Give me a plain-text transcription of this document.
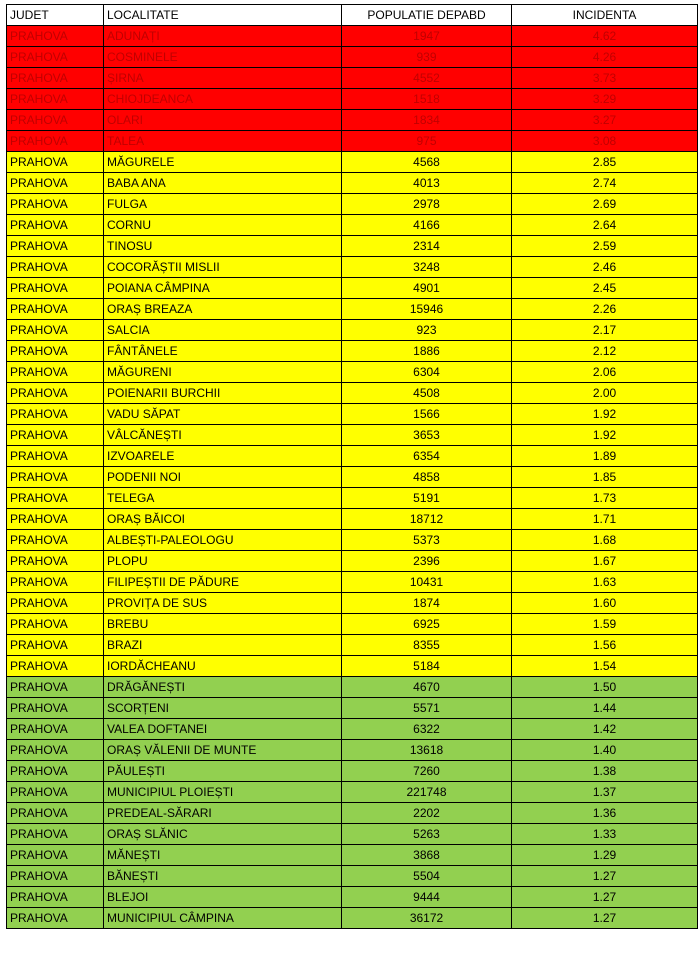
JUDET	LOCALITATE	POPULATIE DEPABD	INCIDENTA
PRAHOVA	ADUNAȚI	1947	4.62
PRAHOVA	COSMINELE	939	4.26
PRAHOVA	ȘIRNA	4552	3.73
PRAHOVA	CHIOJDEANCA	1518	3.29
PRAHOVA	OLARI	1834	3.27
PRAHOVA	TALEA	975	3.08
PRAHOVA	MĂGURELE	4568	2.85
PRAHOVA	BABA ANA	4013	2.74
PRAHOVA	FULGA	2978	2.69
PRAHOVA	CORNU	4166	2.64
PRAHOVA	TINOSU	2314	2.59
PRAHOVA	COCORĂȘTII MISLII	3248	2.46
PRAHOVA	POIANA CÂMPINA	4901	2.45
PRAHOVA	ORAȘ BREAZA	15946	2.26
PRAHOVA	SALCIA	923	2.17
PRAHOVA	FÂNTÂNELE	1886	2.12
PRAHOVA	MĂGURENI	6304	2.06
PRAHOVA	POIENARII BURCHII	4508	2.00
PRAHOVA	VADU SĂPAT	1566	1.92
PRAHOVA	VÂLCĂNEȘTI	3653	1.92
PRAHOVA	IZVOARELE	6354	1.89
PRAHOVA	PODENII NOI	4858	1.85
PRAHOVA	TELEGA	5191	1.73
PRAHOVA	ORAȘ BĂICOI	18712	1.71
PRAHOVA	ALBEȘTI-PALEOLOGU	5373	1.68
PRAHOVA	PLOPU	2396	1.67
PRAHOVA	FILIPEȘTII DE PĂDURE	10431	1.63
PRAHOVA	PROVIȚA DE SUS	1874	1.60
PRAHOVA	BREBU	6925	1.59
PRAHOVA	BRAZI	8355	1.56
PRAHOVA	IORDĂCHEANU	5184	1.54
PRAHOVA	DRĂGĂNEȘTI	4670	1.50
PRAHOVA	SCORȚENI	5571	1.44
PRAHOVA	VALEA DOFTANEI	6322	1.42
PRAHOVA	ORAȘ VĂLENII DE MUNTE	13618	1.40
PRAHOVA	PĂULEȘTI	7260	1.38
PRAHOVA	MUNICIPIUL PLOIEȘTI	221748	1.37
PRAHOVA	PREDEAL-SĂRARI	2202	1.36
PRAHOVA	ORAȘ SLĂNIC	5263	1.33
PRAHOVA	MĂNEȘTI	3868	1.29
PRAHOVA	BĂNEȘTI	5504	1.27
PRAHOVA	BLEJOI	9444	1.27
PRAHOVA	MUNICIPIUL CÂMPINA	36172	1.27
